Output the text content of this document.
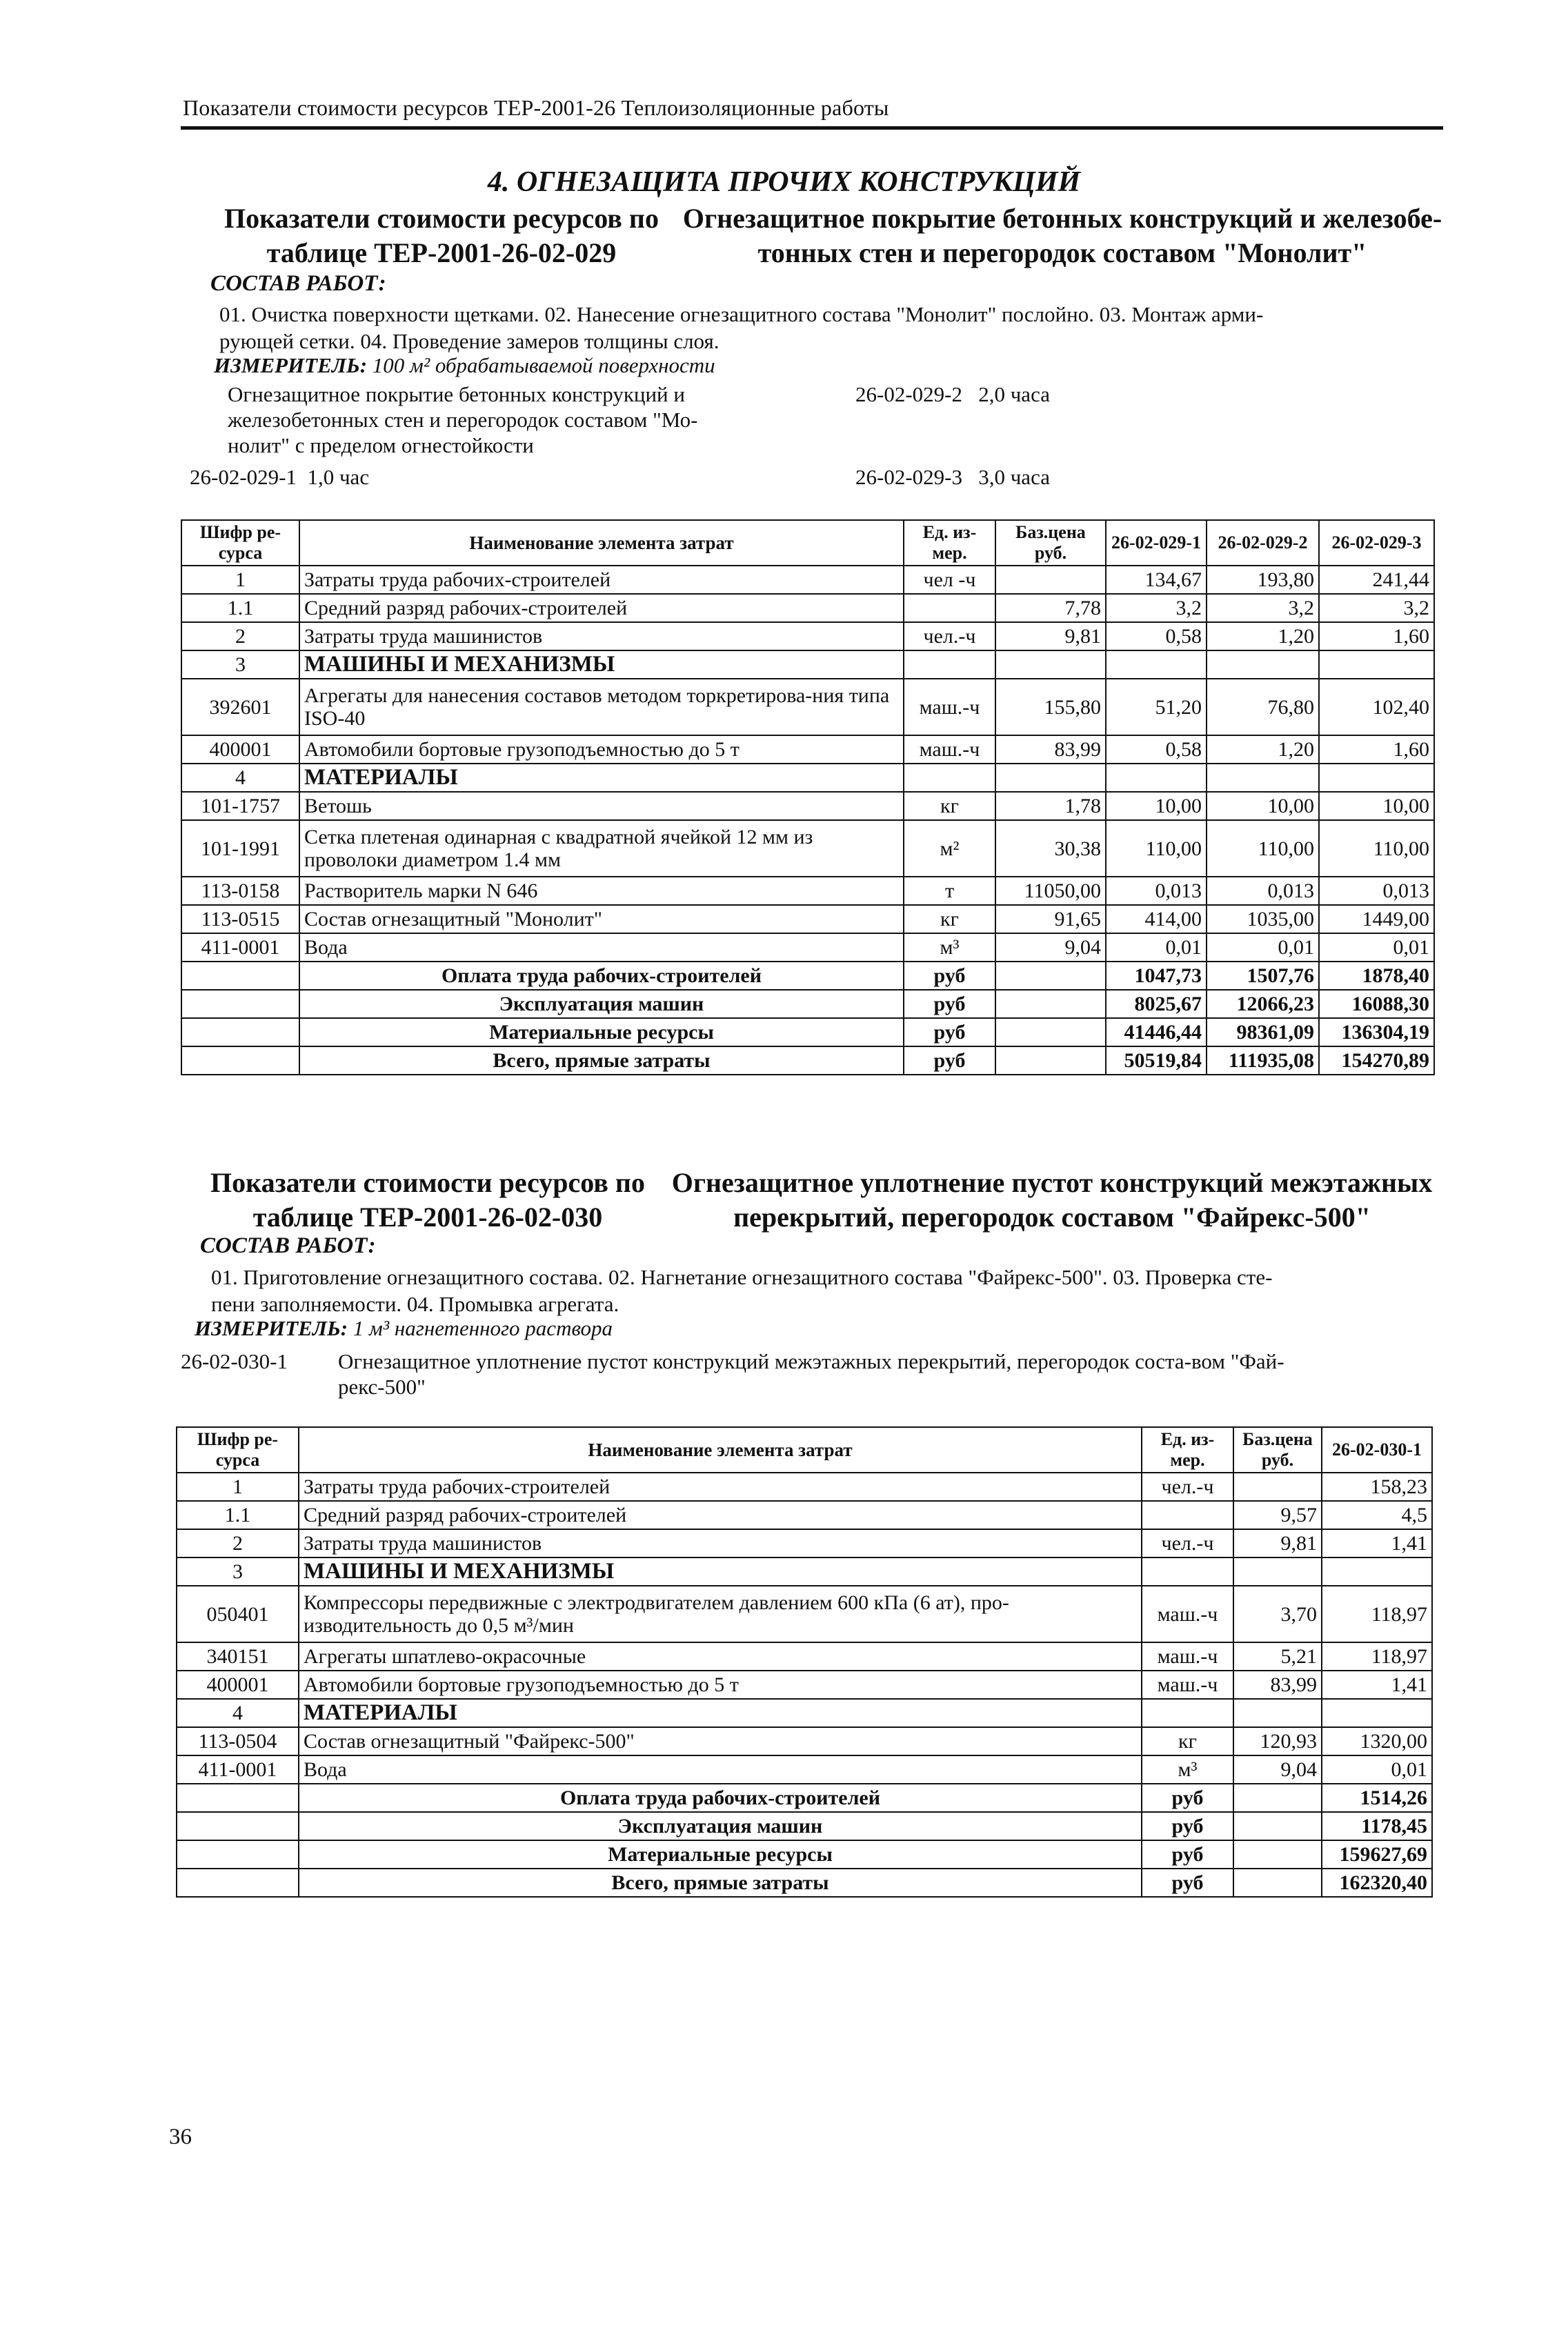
Показатели стоимости ресурсов ТЕР-2001-26 Теплоизоляционные работы
4. ОГНЕЗАЩИТА ПРОЧИХ КОНСТРУКЦИЙ
Показатели стоимости ресурсов по
таблице ТЕР-2001-26-02-029
Огнезащитное покрытие бетонных конструкций и железобе-
тонных стен и перегородок составом "Монолит"
СОСТАВ РАБОТ:
01. Очистка поверхности щетками. 02. Нанесение огнезащитного состава "Монолит" послойно. 03. Монтаж арми-
рующей сетки. 04. Проведение замеров толщины слоя.
ИЗМЕРИТЕЛЬ: 100 м² обрабатываемой поверхности
Огнезащитное покрытие бетонных конструкций и
железобетонных стен и перегородок составом "Мо-
нолит" с пределом огнестойкости
26-02-029-1  1,0 час
26-02-029-2   2,0 часа
26-02-029-3   3,0 часа
Шифр ре-сурса	Наименование элемента затрат	Ед. из-мер.	Баз.цена руб.	26-02-029-1	26-02-029-2	26-02-029-3
1	Затраты труда рабочих-строителей	чел -ч		134,67	193,80	241,44
1.1	Средний разряд рабочих-строителей		7,78	3,2	3,2	3,2
2	Затраты труда машинистов	чел.-ч	9,81	0,58	1,20	1,60
3	МАШИНЫ И МЕХАНИЗМЫ					
392601	Агрегаты для нанесения составов методом торкретирова-ния типа ISO-40	маш.-ч	155,80	51,20	76,80	102,40
400001	Автомобили бортовые грузоподъемностью до 5 т	маш.-ч	83,99	0,58	1,20	1,60
4	МАТЕРИАЛЫ					
101-1757	Ветошь	кг	1,78	10,00	10,00	10,00
101-1991	Сетка плетеная одинарная с квадратной ячейкой 12 мм из проволоки диаметром 1.4 мм	м²	30,38	110,00	110,00	110,00
113-0158	Растворитель марки N 646	т	11050,00	0,013	0,013	0,013
113-0515	Состав огнезащитный "Монолит"	кг	91,65	414,00	1035,00	1449,00
411-0001	Вода	м³	9,04	0,01	0,01	0,01
	Оплата труда рабочих-строителей	руб		1047,73	1507,76	1878,40
	Эксплуатация машин	руб		8025,67	12066,23	16088,30
	Материальные ресурсы	руб		41446,44	98361,09	136304,19
	Всего, прямые затраты	руб		50519,84	111935,08	154270,89
Показатели стоимости ресурсов по
таблице ТЕР-2001-26-02-030
Огнезащитное уплотнение пустот конструкций межэтажных
перекрытий, перегородок составом "Файрекс-500"
СОСТАВ РАБОТ:
01. Приготовление огнезащитного состава. 02. Нагнетание огнезащитного состава "Файрекс-500". 03. Проверка сте-
пени заполняемости. 04. Промывка агрегата.
ИЗМЕРИТЕЛЬ: 1 м³ нагнетенного раствора
26-02-030-1 Огнезащитное уплотнение пустот конструкций межэтажных перекрытий, перегородок соста-вом "Фай-
рекс-500"
Шифр ре-сурса	Наименование элемента затрат	Ед. из-мер.	Баз.цена руб.	26-02-030-1
1	Затраты труда рабочих-строителей	чел.-ч		158,23
1.1	Средний разряд рабочих-строителей		9,57	4,5
2	Затраты труда машинистов	чел.-ч	9,81	1,41
3	МАШИНЫ И МЕХАНИЗМЫ			
050401	Компрессоры передвижные с электродвигателем давлением 600 кПа (6 ат), про-изводительность до 0,5 м³/мин	маш.-ч	3,70	118,97
340151	Агрегаты шпатлево-окрасочные	маш.-ч	5,21	118,97
400001	Автомобили бортовые грузоподъемностью до 5 т	маш.-ч	83,99	1,41
4	МАТЕРИАЛЫ			
113-0504	Состав огнезащитный "Файрекс-500"	кг	120,93	1320,00
411-0001	Вода	м³	9,04	0,01
	Оплата труда рабочих-строителей	руб		1514,26
	Эксплуатация машин	руб		1178,45
	Материальные ресурсы	руб		159627,69
	Всего, прямые затраты	руб		162320,40
36
